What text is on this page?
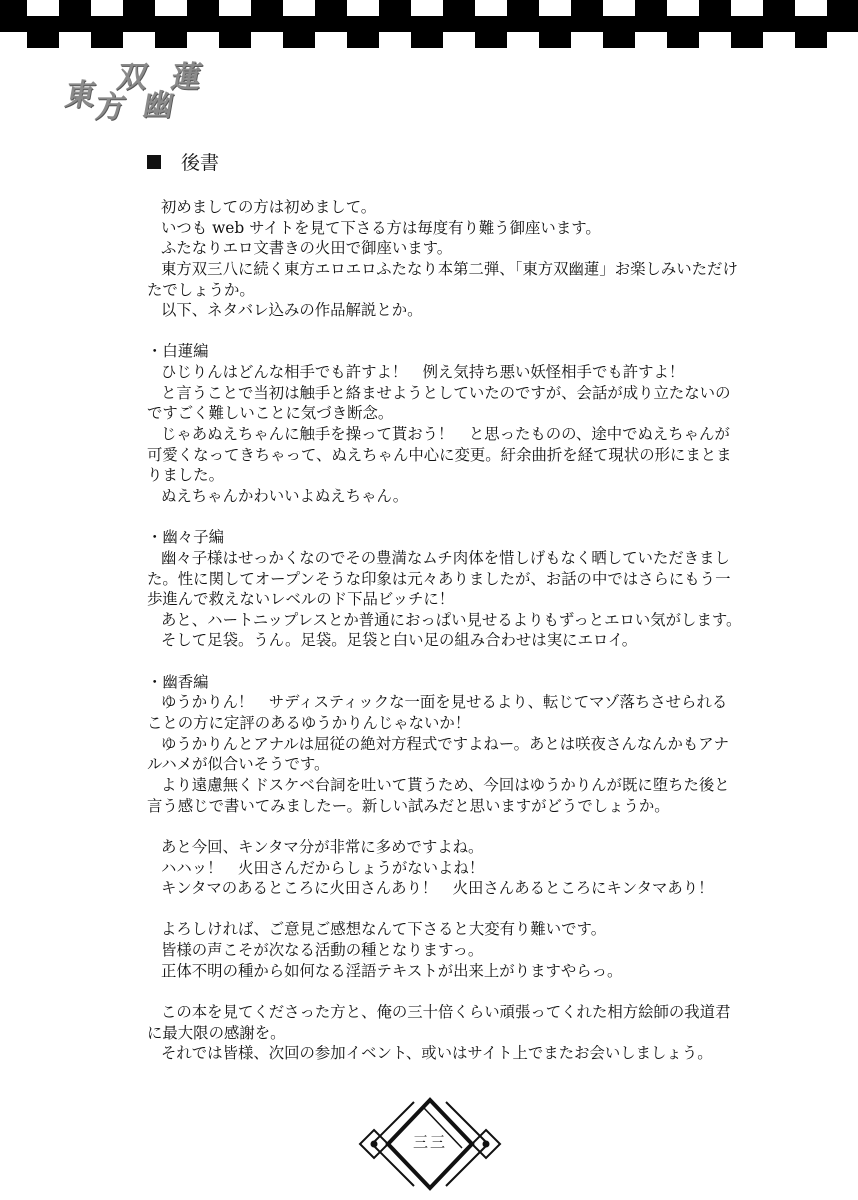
東
方
双
幽
蓮
後書
初めましての方は初めまして。
いつも web サイトを見て下さる方は毎度有り難う御座います。
ふたなりエロ文書きの火田で御座います。
東方双三八に続く東方エロエロふたなり本第二弾、「東方双幽蓮」お楽しみいただけ
たでしょうか。
以下、ネタバレ込みの作品解説とか。
・白蓮編
ひじりんはどんな相手でも許すよ！　例え気持ち悪い妖怪相手でも許すよ！
と言うことで当初は触手と絡ませようとしていたのですが、会話が成り立たないの
ですごく難しいことに気づき断念。
じゃあぬえちゃんに触手を操って貰おう！　と思ったものの、途中でぬえちゃんが
可愛くなってきちゃって、ぬえちゃん中心に変更。紆余曲折を経て現状の形にまとま
りました。
ぬえちゃんかわいいよぬえちゃん。
・幽々子編
幽々子様はせっかくなのでその豊満なムチ肉体を惜しげもなく晒していただきまし
た。性に関してオープンそうな印象は元々ありましたが、お話の中ではさらにもう一
歩進んで救えないレベルのド下品ビッチに！
あと、ハートニップレスとか普通におっぱい見せるよりもずっとエロい気がします。
そして足袋。うん。足袋。足袋と白い足の組み合わせは実にエロイ。
・幽香編
ゆうかりん！　サディスティックな一面を見せるより、転じてマゾ落ちさせられる
ことの方に定評のあるゆうかりんじゃないか！
ゆうかりんとアナルは屈従の絶対方程式ですよねー。あとは咲夜さんなんかもアナ
ルハメが似合いそうです。
より遠慮無くドスケベ台詞を吐いて貰うため、今回はゆうかりんが既に堕ちた後と
言う感じで書いてみましたー。新しい試みだと思いますがどうでしょうか。
あと今回、キンタマ分が非常に多めですよね。
ハハッ！　火田さんだからしょうがないよね！
キンタマのあるところに火田さんあり！　火田さんあるところにキンタマあり！
よろしければ、ご意見ご感想なんて下さると大変有り難いです。
皆様の声こそが次なる活動の種となりますっ。
正体不明の種から如何なる淫語テキストが出来上がりますやらっ。
この本を見てくださった方と、俺の三十倍くらい頑張ってくれた相方絵師の我道君
に最大限の感謝を。
それでは皆様、次回の参加イベント、或いはサイト上でまたお会いしましょう。
三三
